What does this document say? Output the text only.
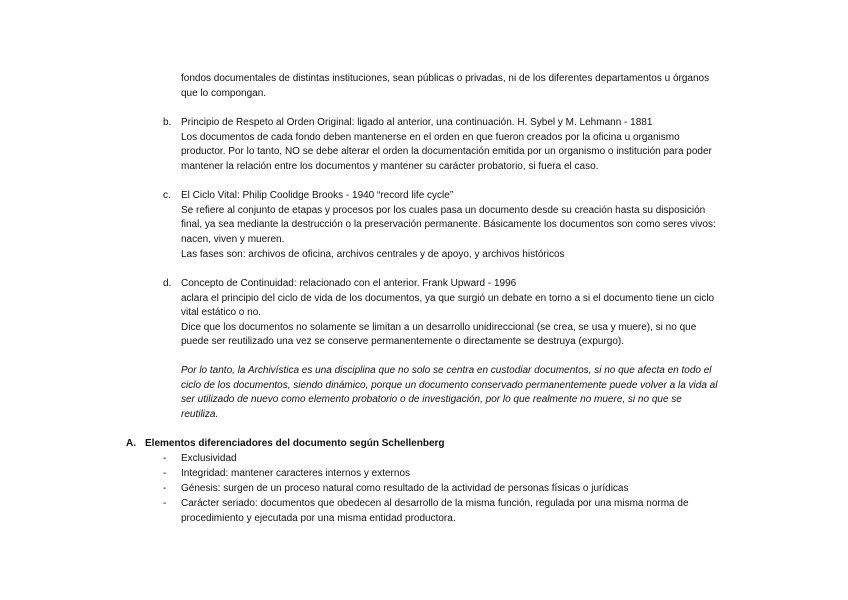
fondos documentales de distintas instituciones, sean públicas o privadas, ni de los diferentes departamentos u órganos
que lo compongan.
b. Principio de Respeto al Orden Original: ligado al anterior, una continuación. H. Sybel y M. Lehmann - 1881
Los documentos de cada fondo deben mantenerse en el orden en que fueron creados por la oficina u organismo
productor. Por lo tanto, NO se debe alterar el orden la documentación emitida por un organismo o institución para poder
mantener la relación entre los documentos y mantener su carácter probatorio, si fuera el caso.
c. El Ciclo Vital: Philip Coolidge Brooks - 1940 “record life cycle”
Se refiere al conjunto de etapas y procesos por los cuales pasa un documento desde su creación hasta su disposición
final, ya sea mediante la destrucción o la preservación permanente. Básicamente los documentos son como seres vivos:
nacen, viven y mueren.
Las fases son: archivos de oficina, archivos centrales y de apoyo, y archivos históricos
d. Concepto de Continuidad: relacionado con el anterior. Frank Upward - 1996
aclara el principio del ciclo de vida de los documentos, ya que surgió un debate en torno a si el documento tiene un ciclo
vital estático o no.
Dice que los documentos no solamente se limitan a un desarrollo unidireccional (se crea, se usa y muere), si no que
puede ser reutilizado una vez se conserve permanentemente o directamente se destruya (expurgo).
Por lo tanto, la Archivística es una disciplina que no solo se centra en custodiar documentos, si no que afecta en todo el
ciclo de los documentos, siendo dinámico, porque un documento conservado permanentemente puede volver a la vida al
ser utilizado de nuevo como elemento probatorio o de investigación, por lo que realmente no muere, si no que se
reutiliza.
A. Elementos diferenciadores del documento según Schellenberg
- Exclusividad
- Integridad: mantener caracteres internos y externos
- Génesis: surgen de un proceso natural como resultado de la actividad de personas físicas o jurídicas
- Carácter seriado: documentos que obedecen al desarrollo de la misma función, regulada por una misma norma de
procedimiento y ejecutada por una misma entidad productora.
